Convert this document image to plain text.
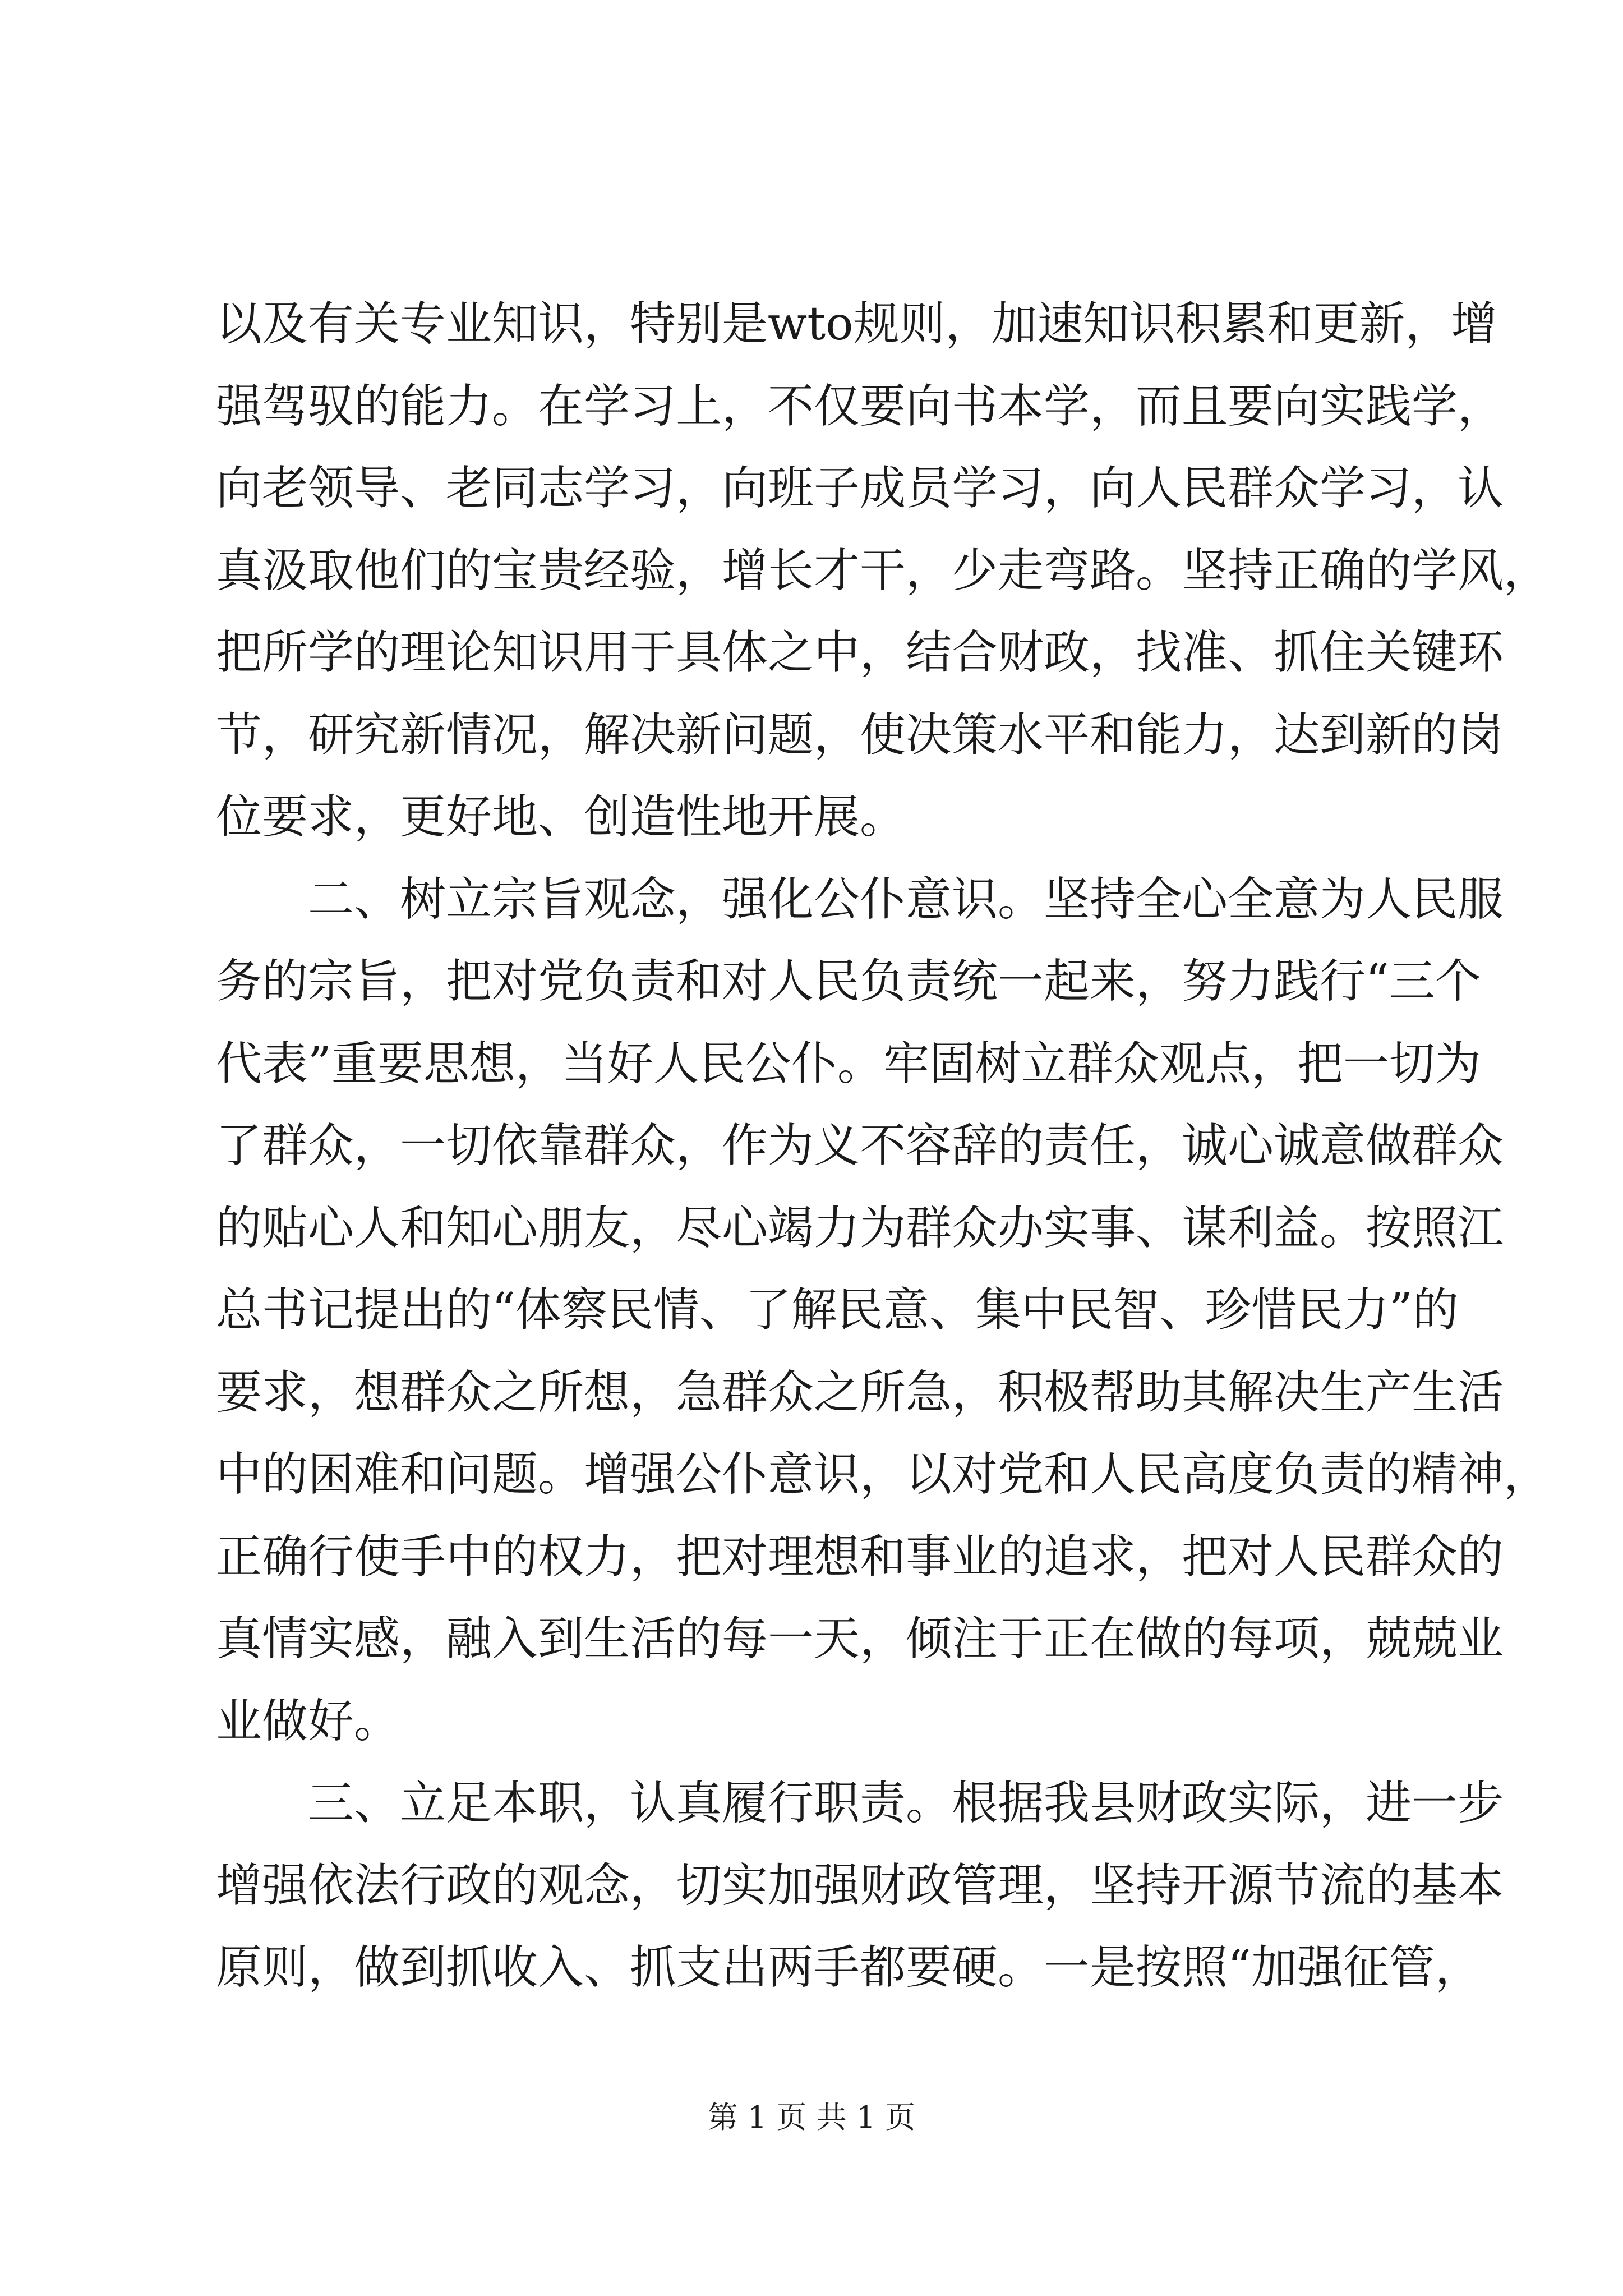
以及有关专业知识，特别是wto规则，加速知识积累和更新，增
强驾驭的能力。在学习上，不仅要向书本学，而且要向实践学，
向老领导、老同志学习，向班子成员学习，向人民群众学习，认
真汲取他们的宝贵经验，增长才干，少走弯路。坚持正确的学风，
把所学的理论知识用于具体之中，结合财政，找准、抓住关键环
节，研究新情况，解决新问题，使决策水平和能力，达到新的岗
位要求，更好地、创造性地开展。
二、树立宗旨观念，强化公仆意识。坚持全心全意为人民服
务的宗旨，把对党负责和对人民负责统一起来，努力践行“三个
代表”重要思想，当好人民公仆。牢固树立群众观点，把一切为
了群众，一切依靠群众，作为义不容辞的责任，诚心诚意做群众
的贴心人和知心朋友，尽心竭力为群众办实事、谋利益。按照江
总书记提出的“体察民情、了解民意、集中民智、珍惜民力”的
要求，想群众之所想，急群众之所急，积极帮助其解决生产生活
中的困难和问题。增强公仆意识，以对党和人民高度负责的精神，
正确行使手中的权力，把对理想和事业的追求，把对人民群众的
真情实感，融入到生活的每一天，倾注于正在做的每项，兢兢业
业做好。
三、立足本职，认真履行职责。根据我县财政实际，进一步
增强依法行政的观念，切实加强财政管理，坚持开源节流的基本
原则，做到抓收入、抓支出两手都要硬。一是按照“加强征管，
第 1 页 共 1 页
